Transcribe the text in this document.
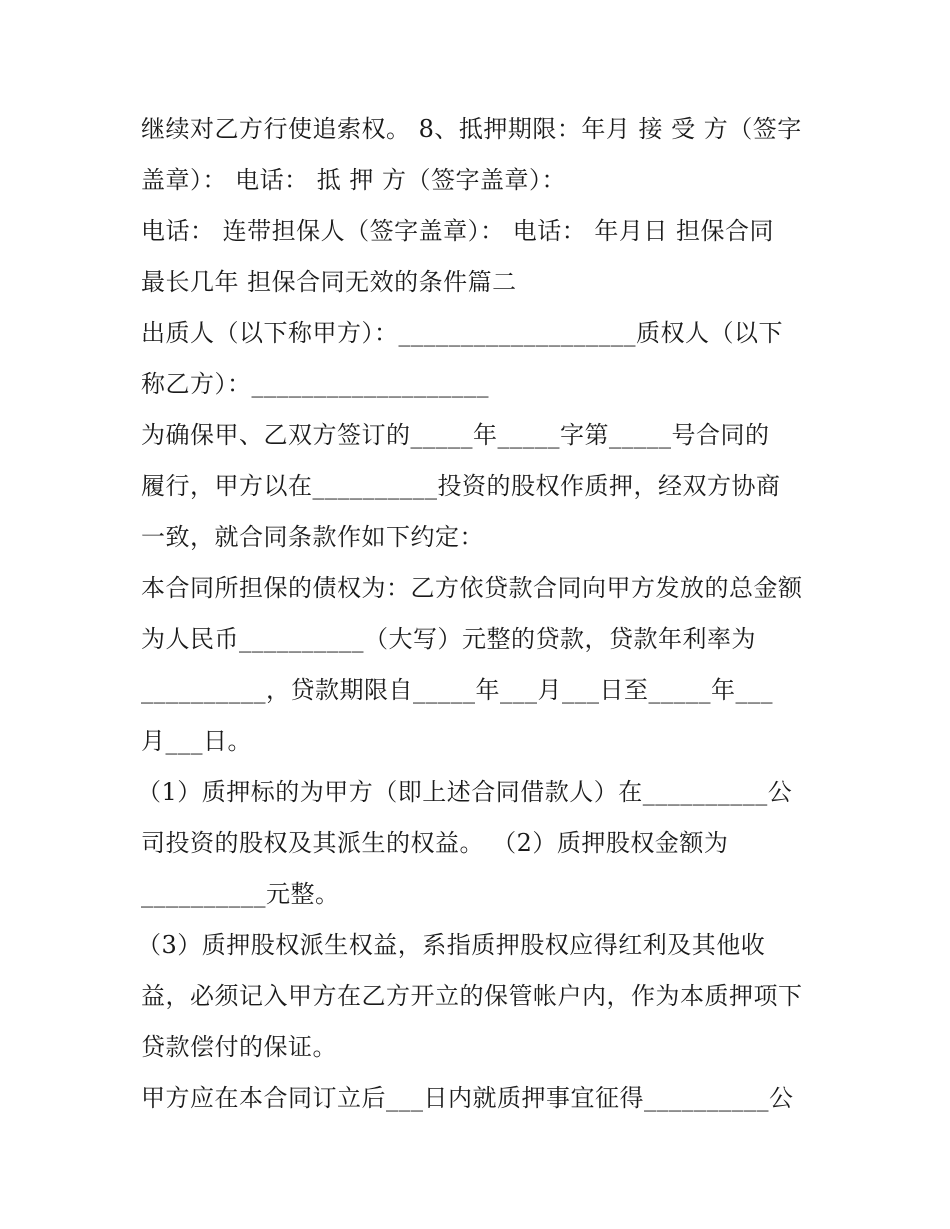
继续对乙方行使追索权。 8、抵押期限：年月 接 受 方（签字
盖章）： 电话： 抵 押 方（签字盖章）：
电话： 连带担保人（签字盖章）： 电话： 年月日 担保合同
最长几年 担保合同无效的条件篇二
出质人（以下称甲方）：___________________质权人（以下
称乙方）：___________________
为确保甲、乙双方签订的_____年_____字第_____号合同的
履行，甲方以在__________投资的股权作质押，经双方协商
一致，就合同条款作如下约定：
本合同所担保的债权为：乙方依贷款合同向甲方发放的总金额
为人民币__________（大写）元整的贷款，贷款年利率为
__________，贷款期限自_____年___月___日至_____年___
月___日。
（1）质押标的为甲方（即上述合同借款人）在__________公
司投资的股权及其派生的权益。 （2）质押股权金额为
__________元整。
（3）质押股权派生权益，系指质押股权应得红利及其他收
益，必须记入甲方在乙方开立的保管帐户内，作为本质押项下
贷款偿付的保证。
甲方应在本合同订立后___日内就质押事宜征得__________公
